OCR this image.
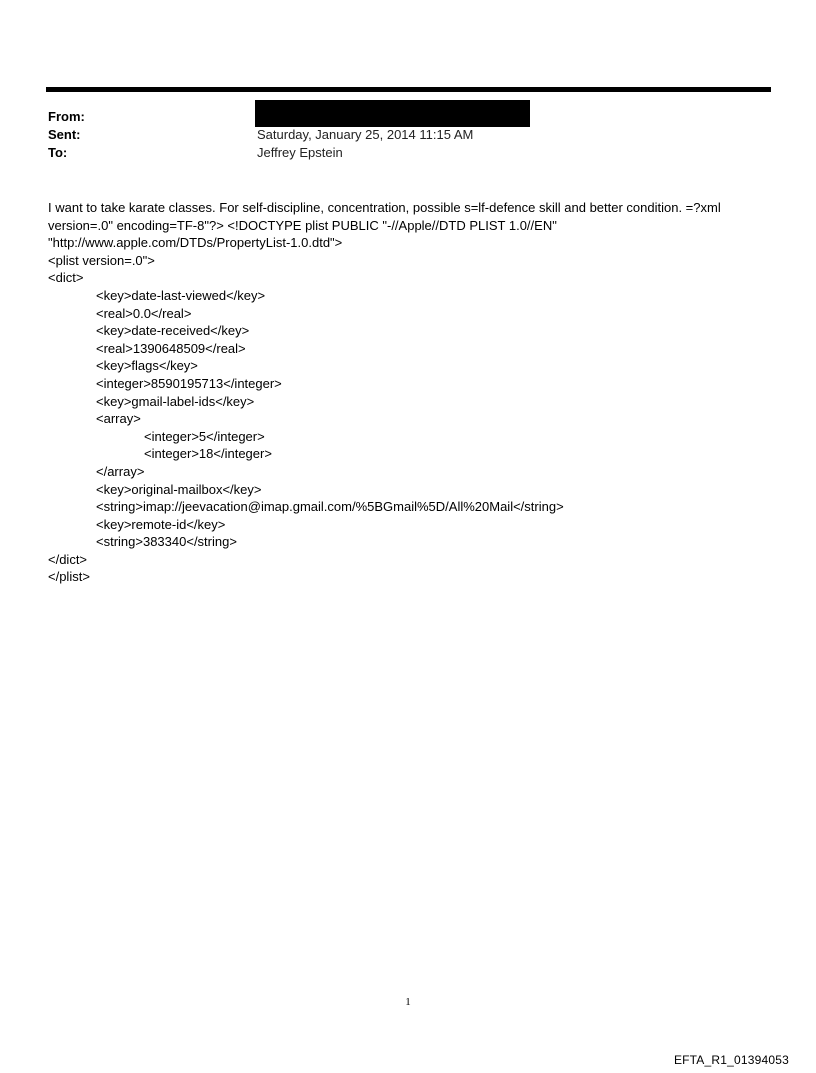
From:
Sent:	Saturday, January 25, 2014 11:15 AM
To:	Jeffrey Epstein

I want to take karate classes. For self-discipline, concentration, possible s=lf-defence skill and better condition. =?xml version=.0" encoding=TF-8"?> <!DOCTYPE plist PUBLIC "-//Apple//DTD PLIST 1.0//EN" "http://www.apple.com/DTDs/PropertyList-1.0.dtd">

<plist version=.0">
<dict>
<key>date-last-viewed</key>
<real>0.0</real>
<key>date-received</key>
<real>1390648509</real>
<key>flags</key>
<integer>8590195713</integer>
<key>gmail-label-ids</key>
<array>
<integer>5</integer>
<integer>18</integer>
</array>
<key>original-mailbox</key>
<string>imap://jeevacation@imap.gmail.com/%5BGmail%5D/All%20Mail</string>
<key>remote-id</key>
<string>383340</string>
</dict>
</plist>
1
EFTA_R1_01394053
